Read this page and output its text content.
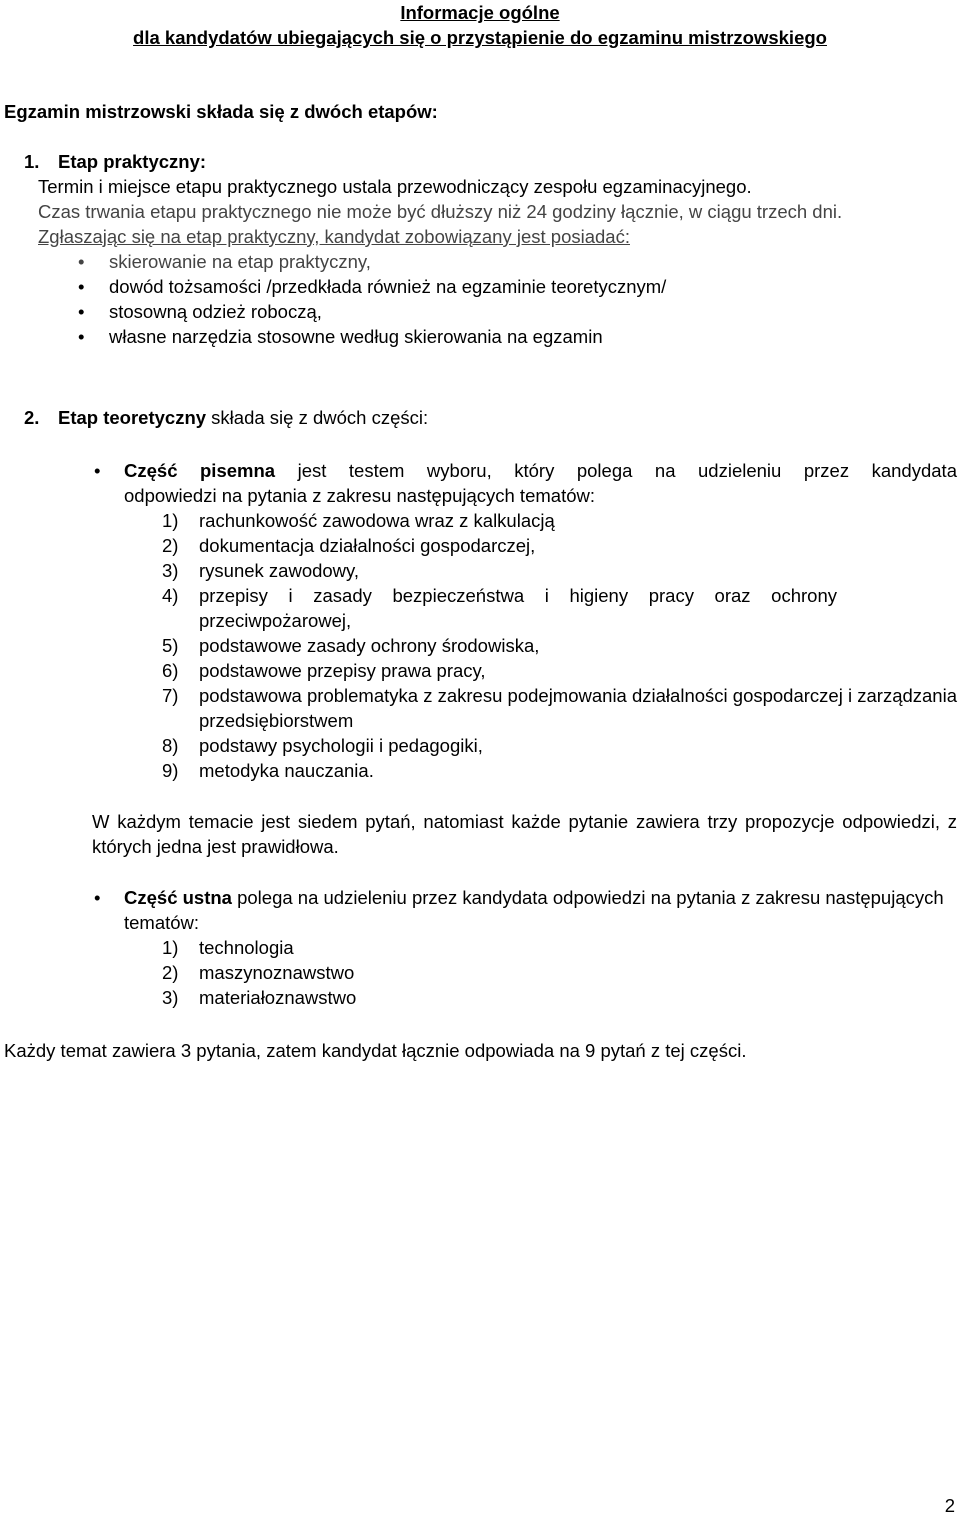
Informacje ogólne

dla kandydatów ubiegających się o przystąpienie do egzaminu mistrzowskiego

Egzamin mistrzowski składa się z dwóch etapów:

1. Etap praktyczny:
Termin i miejsce etapu praktycznego ustala przewodniczący zespołu egzaminacyjnego.
Czas trwania etapu praktycznego nie może być dłuższy niż 24 godziny łącznie, w ciągu trzech dni.
Zgłaszając się na etap praktyczny, kandydat zobowiązany jest posiadać:
• skierowanie na etap praktyczny,
• dowód tożsamości /przedkłada również na egzaminie teoretycznym/
• stosowną odzież roboczą,
• własne narzędzia stosowne według skierowania na egzamin
2. Etap teoretyczny składa się z dwóch części:
• Część pisemna jest testem wyboru, który polega na udzieleniu przez kandydata
odpowiedzi na pytania z zakresu następujących tematów:
1) rachunkowość zawodowa wraz z kalkulacją
2) dokumentacja działalności gospodarczej,
3) rysunek zawodowy,
4) przepisy i zasady bezpieczeństwa i higieny pracy oraz ochrony przeciwpożarowej,
5) podstawowe zasady ochrony środowiska,
6) podstawowe przepisy prawa pracy,
7) podstawowa problematyka z zakresu podejmowania działalności gospodarczej i zarządzania przedsiębiorstwem
8) podstawy psychologii i pedagogiki,
9) metodyka nauczania.

W każdym temacie jest siedem pytań, natomiast każde pytanie zawiera trzy propozycje odpowiedzi, z których jedna jest prawidłowa.

• Część ustna polega na udzieleniu przez kandydata odpowiedzi na pytania z zakresu następujących tematów:
1) technologia
2) maszynoznawstwo
3) materiałoznawstwo

Każdy temat zawiera 3 pytania, zatem kandydat łącznie odpowiada na 9 pytań z tej części.

2
